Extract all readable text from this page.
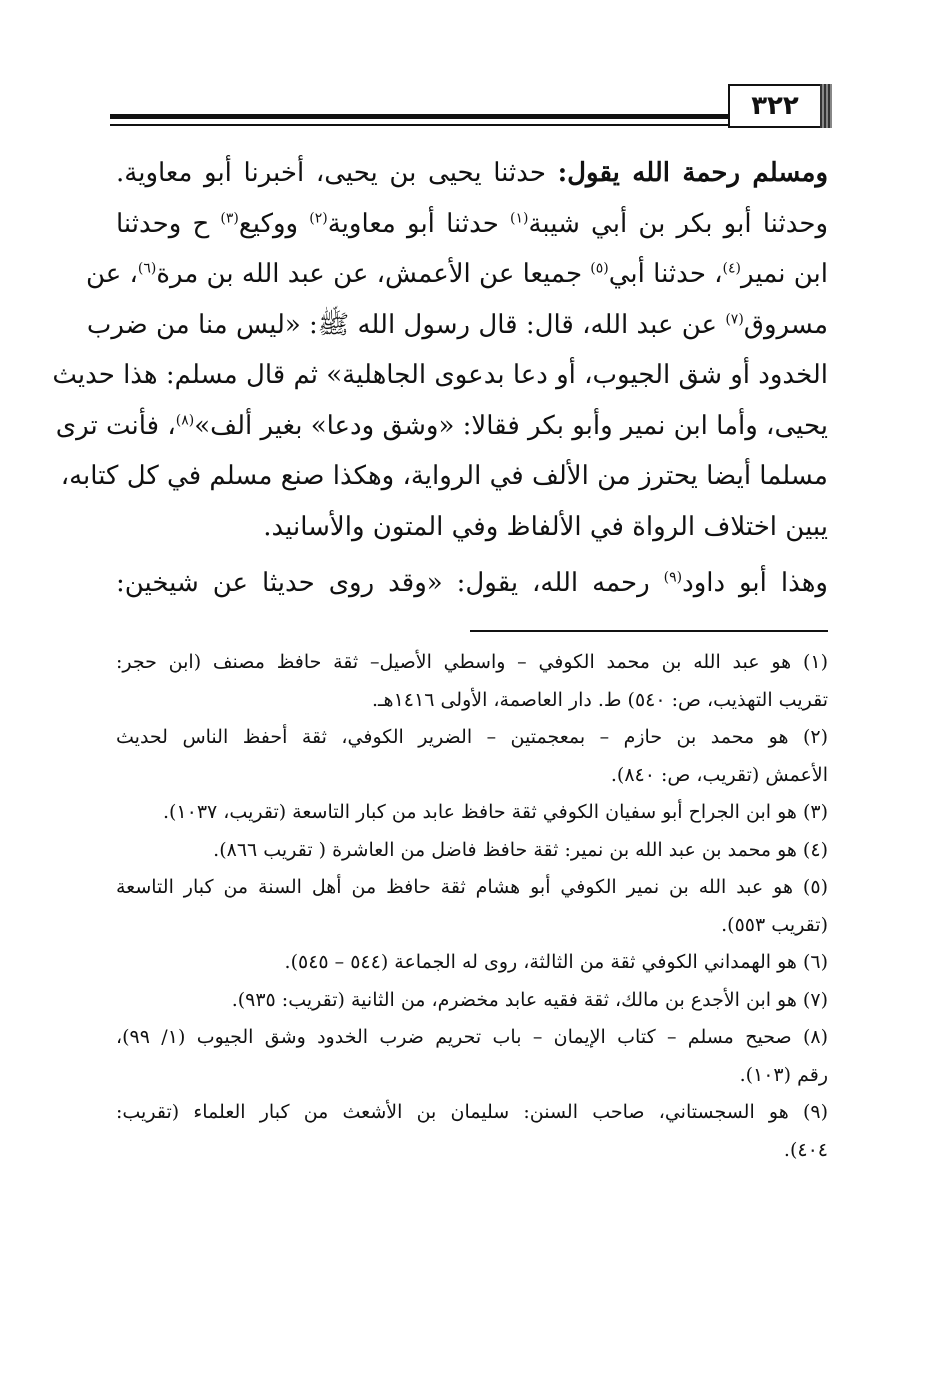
٣٢٢
ومسلم رحمة الله يقول: حدثنا يحيى بن يحيى، أخبرنا أبو معاوية.
وحدثنا أبو بكر بن أبي شيبة$^{(١)}$ حدثنا أبو معاوية$^{(٢)}$ ووكيع$^{(٣)}$ ح وحدثنا
ابن نمير$^{(٤)}$، حدثنا أبي$^{(٥)}$ جميعا عن الأعمش، عن عبد الله بن مرة$^{(٦)}$، عن
مسروق$^{(٧)}$ عن عبد الله، قال: قال رسول الله ﷺ: «ليس منا من ضرب
الخدود أو شق الجيوب، أو دعا بدعوى الجاهلية» ثم قال مسلم: هذا حديث
يحيى، وأما ابن نمير وأبو بكر فقالا: «وشق ودعا» بغير ألف»$^{(٨)}$، فأنت ترى
مسلما أيضا يحترز من الألف في الرواية، وهكذا صنع مسلم في كل كتابه،
يبين اختلاف الرواة في الألفاظ وفي المتون والأسانيد.
وهذا أبو داود$^{(٩)}$ رحمه الله، يقول: «وقد روى حديثا عن شيخين:
(١) هو عبد الله بن محمد الكوفي – واسطي الأصيل– ثقة حافظ مصنف (ابن حجر:
تقريب التهذيب، ص: ٥٤٠) ط. دار العاصمة، الأولى ١٤١٦هـ.
(٢) هو محمد بن حازم – بمعجمتين – الضرير الكوفي، ثقة أحفظ الناس لحديث
الأعمش (تقريب، ص: ٨٤٠).
(٣) هو ابن الجراح أبو سفيان الكوفي ثقة حافظ عابد من كبار التاسعة (تقريب، ١٠٣٧).
(٤) هو محمد بن عبد الله بن نمير: ثقة حافظ فاضل من العاشرة ( تقريب ٨٦٦).
(٥) هو عبد الله بن نمير الكوفي أبو هشام ثقة حافظ من أهل السنة من كبار التاسعة
(تقريب ٥٥٣).
(٦) هو الهمداني الكوفي ثقة من الثالثة، روى له الجماعة (٥٤٤ – ٥٤٥).
(٧) هو ابن الأجدع بن مالك، ثقة فقيه عابد مخضرم، من الثانية (تقريب: ٩٣٥).
(٨) صحيح مسلم – كتاب الإيمان – باب تحريم ضرب الخدود وشق الجيوب (١/ ٩٩)،
رقم (١٠٣).
(٩) هو السجستاني، صاحب السنن: سليمان بن الأشعث من كبار العلماء (تقريب:
٤٠٤).
